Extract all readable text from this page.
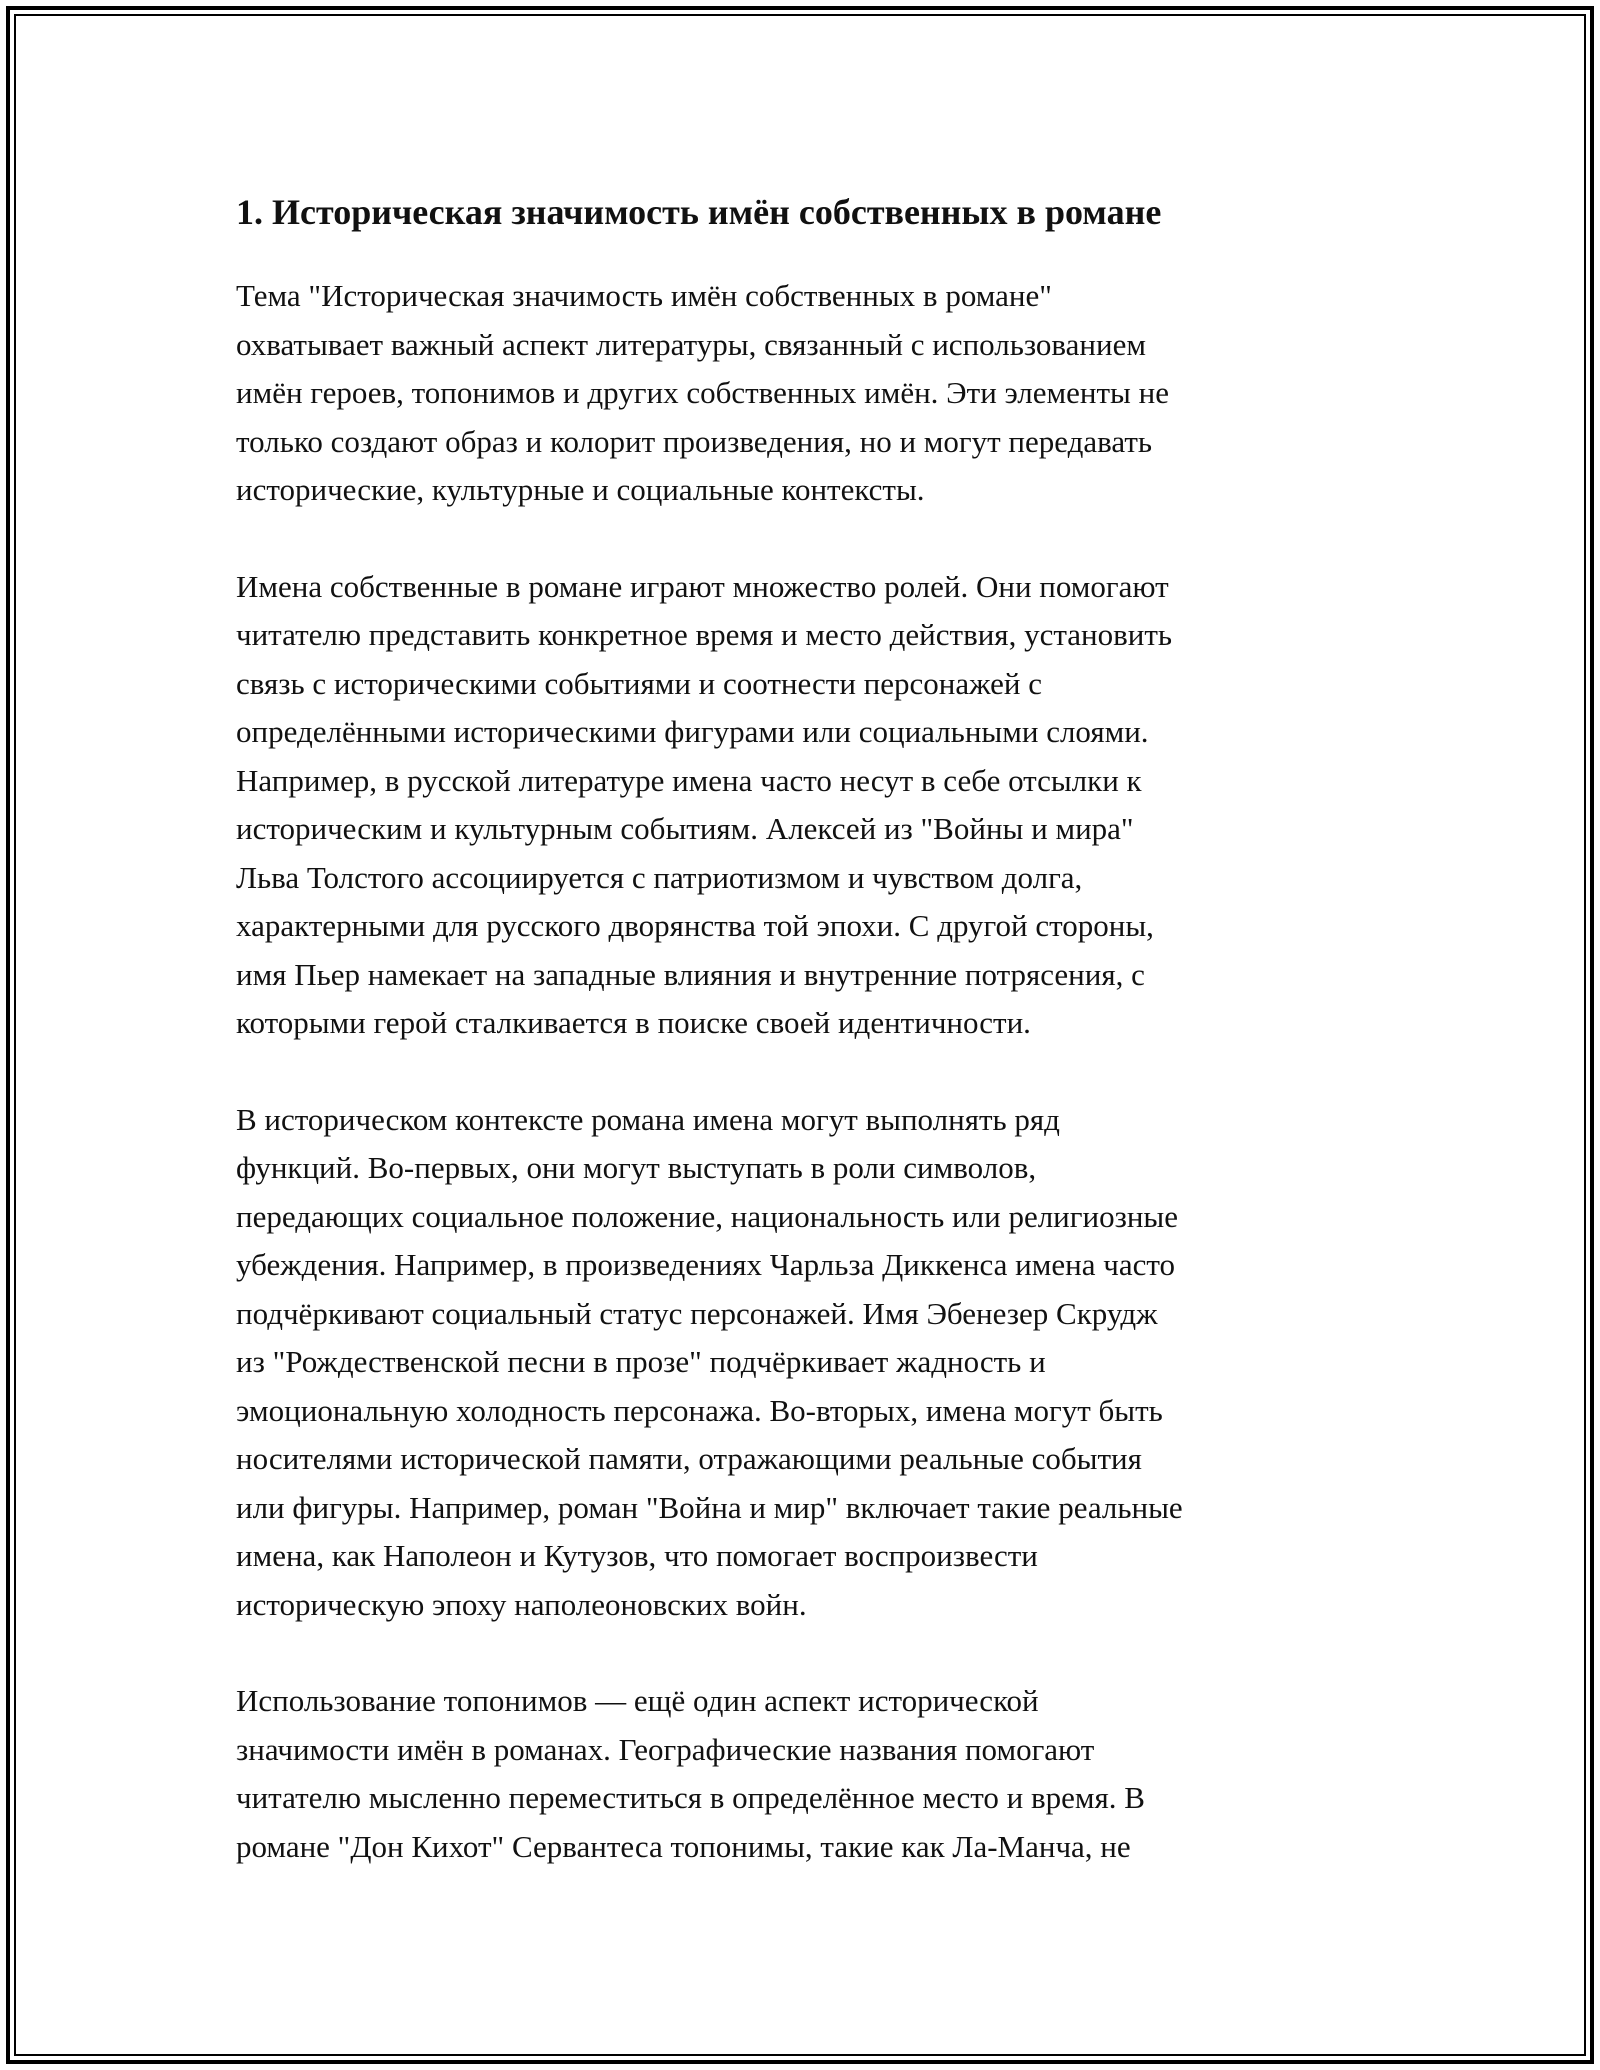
1. Историческая значимость имён собственных в романе

Тема "Историческая значимость имён собственных в романе"
охватывает важный аспект литературы, связанный с использованием
имён героев, топонимов и других собственных имён. Эти элементы не
только создают образ и колорит произведения, но и могут передавать
исторические, культурные и социальные контексты.

Имена собственные в романе играют множество ролей. Они помогают
читателю представить конкретное время и место действия, установить
связь с историческими событиями и соотнести персонажей с
определёнными историческими фигурами или социальными слоями.
Например, в русской литературе имена часто несут в себе отсылки к
историческим и культурным событиям. Алексей из "Войны и мира"
Льва Толстого ассоциируется с патриотизмом и чувством долга,
характерными для русского дворянства той эпохи. С другой стороны,
имя Пьер намекает на западные влияния и внутренние потрясения, с
которыми герой сталкивается в поиске своей идентичности.

В историческом контексте романа имена могут выполнять ряд
функций. Во-первых, они могут выступать в роли символов,
передающих социальное положение, национальность или религиозные
убеждения. Например, в произведениях Чарльза Диккенса имена часто
подчёркивают социальный статус персонажей. Имя Эбенезер Скрудж
из "Рождественской песни в прозе" подчёркивает жадность и
эмоциональную холодность персонажа. Во-вторых, имена могут быть
носителями исторической памяти, отражающими реальные события
или фигуры. Например, роман "Война и мир" включает такие реальные
имена, как Наполеон и Кутузов, что помогает воспроизвести
историческую эпоху наполеоновских войн.

Использование топонимов — ещё один аспект исторической
значимости имён в романах. Географические названия помогают
читателю мысленно переместиться в определённое место и время. В
романе "Дон Кихот" Сервантеса топонимы, такие как Ла-Манча, не
